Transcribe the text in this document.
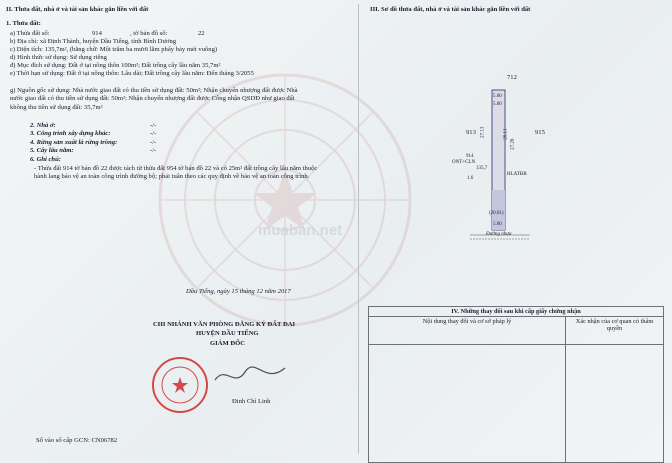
II. Thửa đất, nhà ở và tài sản khác gắn liền với đất
1. Thửa đất:
a) Thửa đất số:	914	, tờ bản đồ số:	22
b) Địa chỉ: xã Định Thành, huyện Dầu Tiếng, tỉnh Bình Dương
c) Diện tích: 135,7m², (bằng chữ: Một trăm ba mươi lăm phẩy bảy mét vuông)
d) Hình thức sử dụng: Sử dụng riêng
đ) Mục đích sử dụng: Đất ở tại nông thôn 100m²; Đất trồng cây lâu năm 35,7m²
e) Thời hạn sử dụng: Đất ở tại nông thôn: Lâu dài; Đất trồng cây lâu năm: Đến tháng 3/2055
g) Nguồn gốc sử dụng: Nhà nước giao đất có thu tiền sử dụng đất: 50m²; Nhận chuyển nhượng đất được Nhà nước giao đất có thu tiền sử dụng đất: 50m²; Nhận chuyển nhượng đất được Công nhận QSDĐ như giao đất không thu tiền sử dụng đất: 35,7m²
2. Nhà ở:	-/-
3. Công trình xây dựng khác:	-/-
4. Rừng sản xuất là rừng trồng:	-/-
5. Cây lâu năm:	-/-
6. Ghi chú:
- Thửa đất 914 tờ bản đồ 22 được tách từ thửa đất 954 tờ bản đồ 22 và có 25m² đất trồng cây lâu năm thuộc hành lang bảo vệ an toàn công trình đường bộ; phải tuân theo các quy định về bảo vệ an toàn công trình.
Dầu Tiếng, ngày 15 tháng 12 năm 2017
CHI NHÁNH VĂN PHÒNG ĐĂNG KÝ ĐẤT ĐAI
HUYỆN DẦU TIẾNG
GIÁM ĐỐC
Đinh Chí Linh
Số vào sổ cấp GCN: CN06782
III. Sơ đồ thửa đất, nhà ở và tài sản khác gắn liền với đất
712
913	915
5.00
5.00
5.00
27.13	20.11
27.26
914
ONT+CLN
135,7
HLATĐB
(20.01)
1.6
Đường nhựa
muaban.net
IV. Những thay đổi sau khi cấp giấy chứng nhận	
Nội dung thay đổi và cơ sở pháp lý	Xác nhận của cơ quan có thẩm quyền
